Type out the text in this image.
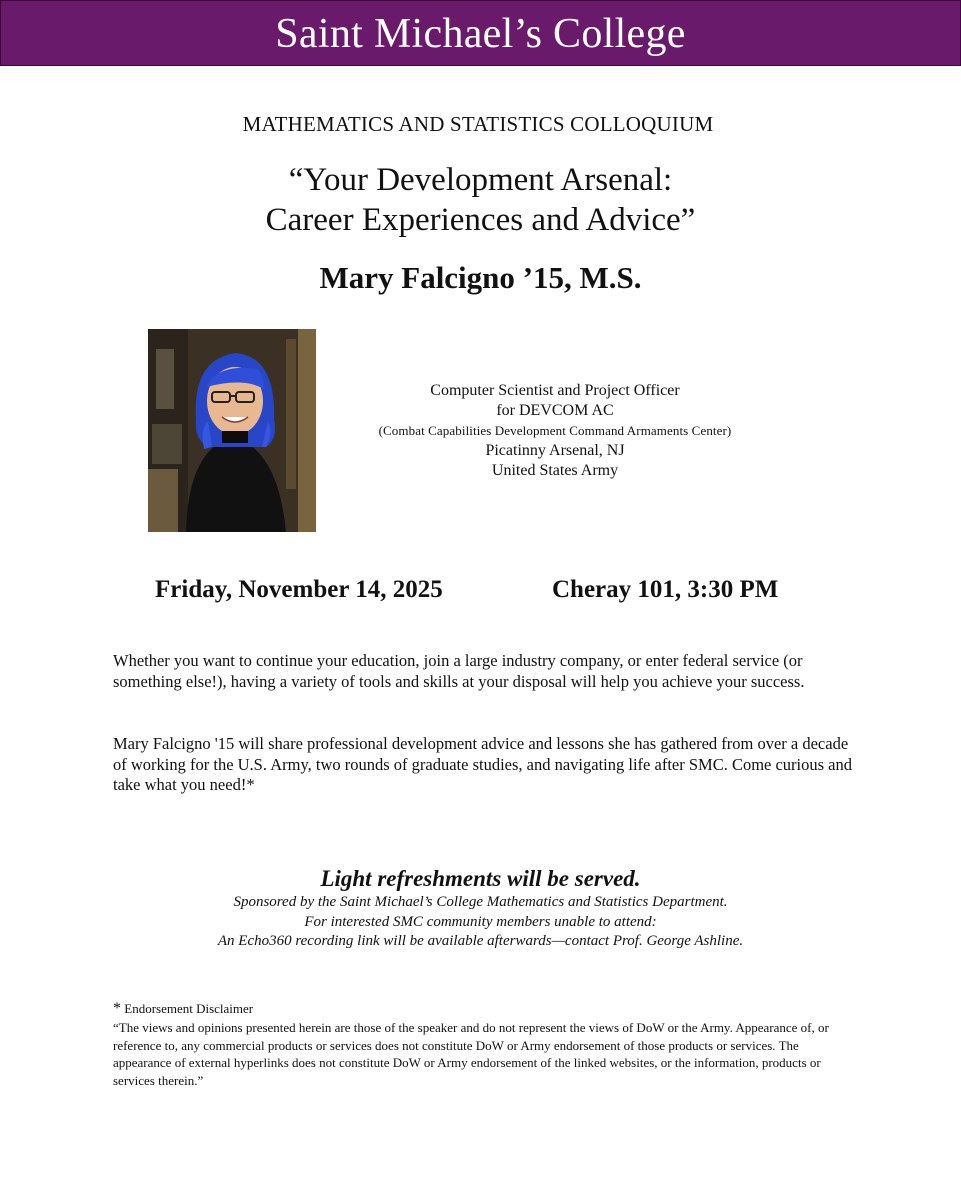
Saint Michael’s College
MATHEMATICS AND STATISTICS COLLOQUIUM
“Your Development Arsenal:
Career Experiences and Advice”
Mary Falcigno ’15, M.S.
Computer Scientist and Project Officer
for DEVCOM AC
(Combat Capabilities Development Command Armaments Center)
Picatinny Arsenal, NJ
United States Army
Friday, November 14, 2025	Cheray 101, 3:30 PM
Whether you want to continue your education, join a large industry company, or enter federal service (or something else!), having a variety of tools and skills at your disposal will help you achieve your success.
Mary Falcigno '15 will share professional development advice and lessons she has gathered from over a decade of working for the U.S. Army, two rounds of graduate studies, and navigating life after SMC. Come curious and take what you need!*
Light refreshments will be served.
Sponsored by the Saint Michael’s College Mathematics and Statistics Department.
For interested SMC community members unable to attend:
An Echo360 recording link will be available afterwards—contact Prof. George Ashline.
* Endorsement Disclaimer
“The views and opinions presented herein are those of the speaker and do not represent the views of DoW or the Army. Appearance of, or reference to, any commercial products or services does not constitute DoW or Army endorsement of those products or services. The appearance of external hyperlinks does not constitute DoW or Army endorsement of the linked websites, or the information, products or services therein.”
